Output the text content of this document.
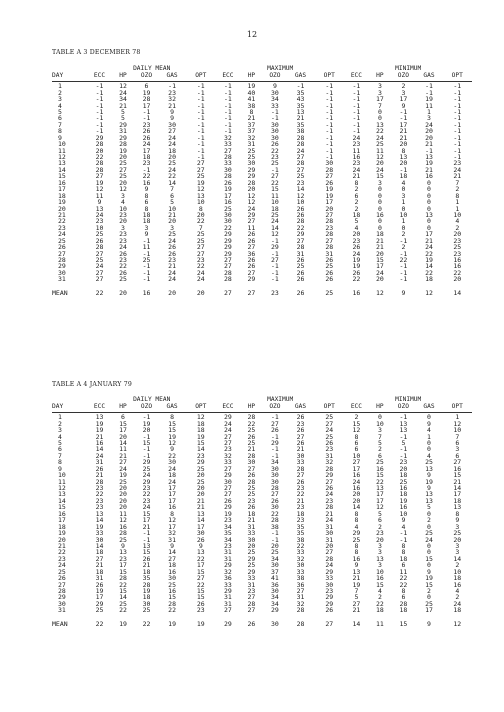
12
TABLE A 3 DECEMBER 78
	DAILY MEAN					MAXIMUM					MINIMUM				
DAY	ECC	HP	OZO	GAS	OPT	ECC	HP	OZO	GAS	OPT	ECC	HP	OZO	GAS	OPT

1	-1	12	6	-1	-1	-1	19	9	-1	-1	-1	3	2	-1	-1
2	-1	24	19	23	-1	-1	40	30	35	-1	-1	3	3	-1	-1
3	-1	34	28	32	-1	-1	41	34	43	-1	-1	17	17	19	-1
4	-1	21	17	21	-1	-1	38	33	35	-1	-1	7	9	11	-1
5	-1	5	-1	9	-1	-1	8	-1	13	-1	-1	0	-1	1	-1
6	-1	5	-1	9	-1	-1	21	-1	21	-1	-1	0	-1	3	-1
7	-1	29	23	30	-1	-1	37	30	35	-1	-1	13	17	24	-1
8	-1	31	26	27	-1	-1	37	30	38	-1	-1	22	21	20	-1
9	29	29	26	24	-1	32	32	30	28	-1	24	24	21	20	-1
10	28	28	24	24	-1	33	31	26	28	-1	23	25	20	21	-1
11	20	19	17	18	-1	27	25	22	24	-1	11	11	8	-1	-1
12	22	20	18	20	-1	28	25	23	27	-1	16	12	13	13	-1
13	28	25	23	25	27	33	30	25	28	30	23	20	20	19	23
14	28	27	-1	24	27	30	29	-1	27	28	24	24	-1	21	24
15	27	25	22	22	25	28	29	27	25	27	21	15	18	16	21
16	19	20	16	14	19	26	28	22	23	26	8	3	4	0	7
17	12	12	9	7	12	19	20	15	14	19	2	0	0	0	2
18	11	3	8	6	13	17	12	11	12	19	6	0	3	0	8
19	9	4	6	5	10	16	12	10	10	17	2	0	1	0	1
20	13	10	8	10	8	25	24	18	26	20	2	0	0	0	1
21	24	23	18	21	20	30	29	25	26	27	18	16	10	13	10
22	23	20	18	20	22	30	27	24	28	28	5	0	1	0	4
23	10	3	3	3	7	22	11	14	22	23	4	0	0	0	2
24	25	23	9	25	25	29	26	12	29	28	20	18	2	17	20
25	26	23	-1	24	25	29	26	-1	27	27	23	21	-1	21	23
26	28	24	11	26	27	29	27	29	28	28	26	21	2	24	25
27	27	26	-1	26	27	29	36	-1	31	31	24	20	-1	22	23
28	25	23	25	23	23	27	26	27	26	26	19	15	22	19	16
29	24	22	-1	21	22	27	26	-1	25	25	19	17	-1	14	16
30	27	26	-1	24	24	28	27	-1	26	26	26	24	-1	22	22
31	27	25	-1	24	24	28	29	-1	26	26	22	20	-1	18	20

MEAN	22	20	16	20	20	27	27	23	26	25	16	12	9	12	14
TABLE A 4 JANUARY 79
	DAILY MEAN					MAXIMUM					MINIMUM				
DAY	ECC	HP	OZO	GAS	OPT	ECC	HP	OZO	GAS	OPT	ECC	HP	OZO	GAS	OPT

1	13	6	-1	8	12	29	28	-1	26	25	2	0	-1	0	1
2	19	15	19	15	18	24	22	27	23	27	15	10	13	9	12
3	19	17	20	15	18	24	25	26	26	24	12	3	13	4	10
4	21	20	-1	19	19	27	26	-1	27	25	8	7	-1	1	7
5	16	14	15	12	15	27	25	29	26	26	6	5	5	0	6
6	14	11	-1	9	14	23	21	-1	21	23	6	2	-1	0	3
7	24	21	-1	22	23	32	28	-1	30	31	10	6	-1	4	6
8	31	27	29	30	29	33	30	34	33	32	27	25	23	25	27
9	26	24	25	24	25	27	27	30	28	28	17	16	20	13	16
10	21	19	24	18	20	29	26	30	27	29	16	15	18	9	15
11	28	25	29	24	25	30	28	30	26	27	24	22	25	19	21
12	23	20	23	17	20	27	25	28	23	26	16	13	16	9	14
13	22	20	22	17	20	27	25	27	22	24	20	17	18	13	17
14	23	20	23	17	21	26	23	26	21	23	20	17	19	13	18
15	23	20	24	16	21	29	26	30	23	28	14	12	16	5	13
16	13	11	15	8	13	19	18	22	18	21	8	5	10	0	8
17	14	12	17	12	14	23	21	28	23	24	8	6	9	2	9
18	19	16	21	17	17	34	31	38	35	31	4	2	4	0	3
19	33	28	-1	32	30	35	33	-1	35	30	29	23	-1	25	25
20	30	25	-1	31	26	34	30	-1	38	31	25	20	-1	24	20
21	14	9	13	9	9	23	20	20	22	20	8	3	8	0	3
22	18	13	15	14	13	31	25	25	33	27	8	3	8	0	3
23	27	23	26	27	22	31	29	34	32	28	16	13	18	15	14
24	21	17	21	18	17	29	25	30	30	24	9	3	6	0	2
25	18	15	18	16	15	32	29	37	33	29	13	10	11	9	10
26	31	28	35	30	27	36	33	41	38	33	21	16	22	19	18
27	26	22	28	25	22	33	31	36	36	30	19	15	22	15	16
28	19	15	19	16	15	29	23	30	27	23	7	4	8	2	4
29	17	14	18	15	15	31	27	34	31	29	5	2	6	0	2
30	29	25	30	28	26	31	28	34	32	29	27	22	28	25	24
31	25	22	25	22	23	27	27	29	28	26	21	18	18	17	18

MEAN	22	19	22	19	19	29	26	30	28	27	14	11	15	9	12
